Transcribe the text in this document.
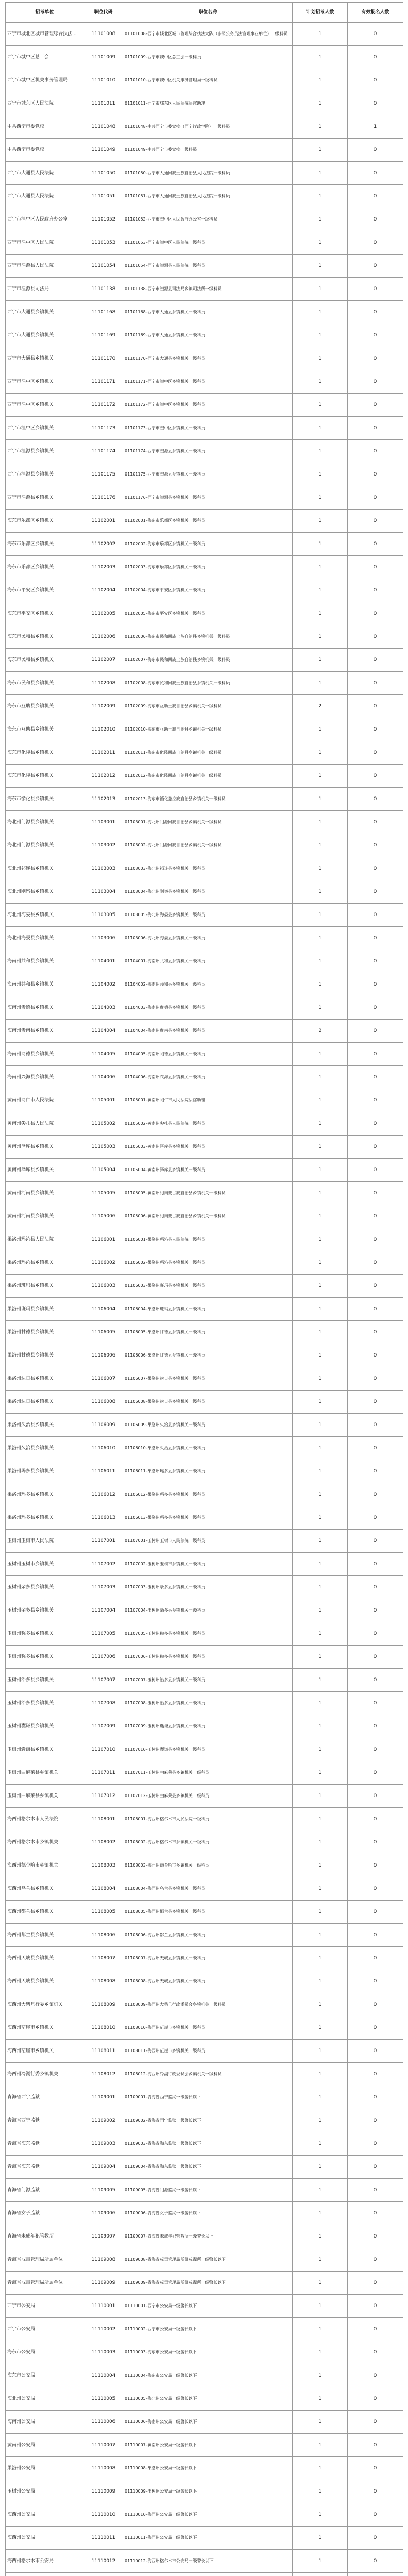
招考单位	职位代码	职位名称	计划招考人数	有效报名人数
西宁市城北区城市管理综合执法...	11101008	01101008-西宁市城北区城市管理综合执法大队（参照公务员法管理事业单位）一级科员	1	0
西宁市城中区总工会	11101009	01101009-西宁市城中区总工会一级科员	1	0
西宁市城中区机关事务管理局	11101010	01101010-西宁市城中区机关事务管理局一级科员	1	0
西宁市城东区人民法院	11101011	01101011-西宁市城东区人民法院法官助理	1	0
中共西宁市委党校	11101048	01101048-中共西宁市委党校（西宁行政学院）一级科员	1	1
中共西宁市委党校	11101049	01101049-中共西宁市委党校一级科员	1	0
西宁市大通县人民法院	11101050	01101050-西宁市大通回族土族自治县人民法院一级科员	1	0
西宁市大通县人民法院	11101051	01101051-西宁市大通回族土族自治县人民法院一级科员	1	0
西宁市湟中区人民政府办公室	11101052	01101052-西宁市湟中区人民政府办公室一级科员	1	0
西宁市湟中区人民法院	11101053	01101053-西宁市湟中区人民法院一级科员	1	0
西宁市湟源县人民法院	11101054	01101054-西宁市湟源县人民法院一级科员	1	0
西宁市湟源县司法局	11101138	01101138-西宁市湟源县司法局乡镇司法所一级科员	1	0
西宁市大通县乡镇机关	11101168	01101168-西宁市大通县乡镇机关一级科员	1	0
西宁市大通县乡镇机关	11101169	01101169-西宁市大通县乡镇机关一级科员	1	0
西宁市大通县乡镇机关	11101170	01101170-西宁市大通县乡镇机关一级科员	1	0
西宁市湟中区乡镇机关	11101171	01101171-西宁市湟中区乡镇机关一级科员	1	0
西宁市湟中区乡镇机关	11101172	01101172-西宁市湟中区乡镇机关一级科员	1	0
西宁市湟中区乡镇机关	11101173	01101173-西宁市湟中区乡镇机关一级科员	1	0
西宁市湟源县乡镇机关	11101174	01101174-西宁市湟源县乡镇机关一级科员	1	0
西宁市湟源县乡镇机关	11101175	01101175-西宁市湟源县乡镇机关一级科员	1	0
西宁市湟源县乡镇机关	11101176	01101176-西宁市湟源县乡镇机关一级科员	1	0
海东市乐都区乡镇机关	11102001	01102001-海东市乐都区乡镇机关一级科员	1	0
海东市乐都区乡镇机关	11102002	01102002-海东市乐都区乡镇机关一级科员	1	0
海东市乐都区乡镇机关	11102003	01102003-海东市乐都区乡镇机关一级科员	1	0
海东市平安区乡镇机关	11102004	01102004-海东市平安区乡镇机关一级科员	1	0
海东市平安区乡镇机关	11102005	01102005-海东市平安区乡镇机关一级科员	1	0
海东市民和县乡镇机关	11102006	01102006-海东市民和回族土族自治县乡镇机关一级科员	1	0
海东市民和县乡镇机关	11102007	01102007-海东市民和回族土族自治县乡镇机关一级科员	1	0
海东市民和县乡镇机关	11102008	01102008-海东市民和回族土族自治县乡镇机关一级科员	1	0
海东市互助县乡镇机关	11102009	01102009-海东市互助土族自治县乡镇机关一级科员	2	0
海东市互助县乡镇机关	11102010	01102010-海东市互助土族自治县乡镇机关一级科员	1	0
海东市化隆县乡镇机关	11102011	01102011-海东市化隆回族自治县乡镇机关一级科员	1	0
海东市化隆县乡镇机关	11102012	01102012-海东市化隆回族自治县乡镇机关一级科员	1	0
海东市循化县乡镇机关	11102013	01102013-海东市循化撒拉族自治县乡镇机关一级科员	1	0
海北州门源县乡镇机关	11103001	01103001-海北州门源回族自治县乡镇机关一级科员	1	0
海北州门源县乡镇机关	11103002	01103002-海北州门源回族自治县乡镇机关一级科员	1	0
海北州祁连县乡镇机关	11103003	01103003-海北州祁连县乡镇机关一级科员	1	0
海北州刚察县乡镇机关	11103004	01103004-海北州刚察县乡镇机关一级科员	1	0
海北州海晏县乡镇机关	11103005	01103005-海北州海晏县乡镇机关一级科员	1	0
海北州海晏县乡镇机关	11103006	01103006-海北州海晏县乡镇机关一级科员	1	0
海南州共和县乡镇机关	11104001	01104001-海南州共和县乡镇机关一级科员	1	0
海南州共和县乡镇机关	11104002	01104002-海南州共和县乡镇机关一级科员	1	0
海南州贵德县乡镇机关	11104003	01104003-海南州贵德县乡镇机关一级科员	1	0
海南州贵南县乡镇机关	11104004	01104004-海南州贵南县乡镇机关一级科员	2	0
海南州同德县乡镇机关	11104005	01104005-海南州同德县乡镇机关一级科员	1	0
海南州兴海县乡镇机关	11104006	01104006-海南州兴海县乡镇机关一级科员	1	0
黄南州同仁市人民法院	11105001	01105001-黄南州同仁市人民法院法官助理	1	0
黄南州尖扎县人民法院	11105002	01105002-黄南州尖扎县人民法院一级科员	1	0
黄南州泽库县乡镇机关	11105003	01105003-黄南州泽库县乡镇机关一级科员	1	0
黄南州泽库县乡镇机关	11105004	01105004-黄南州泽库县乡镇机关一级科员	1	0
黄南州河南县乡镇机关	11105005	01105005-黄南州河南蒙古族自治县乡镇机关一级科员	1	0
黄南州河南县乡镇机关	11105006	01105006-黄南州河南蒙古族自治县乡镇机关一级科员	1	0
果洛州玛沁县人民法院	11106001	01106001-果洛州玛沁县人民法院一级科员	1	0
果洛州玛沁县乡镇机关	11106002	01106002-果洛州玛沁县乡镇机关一级科员	1	0
果洛州班玛县乡镇机关	11106003	01106003-果洛州班玛县乡镇机关一级科员	1	0
果洛州班玛县乡镇机关	11106004	01106004-果洛州班玛县乡镇机关一级科员	1	0
果洛州甘德县乡镇机关	11106005	01106005-果洛州甘德县乡镇机关一级科员	1	0
果洛州甘德县乡镇机关	11106006	01106006-果洛州甘德县乡镇机关一级科员	1	0
果洛州达日县乡镇机关	11106007	01106007-果洛州达日县乡镇机关一级科员	1	0
果洛州达日县乡镇机关	11106008	01106008-果洛州达日县乡镇机关一级科员	1	0
果洛州久治县乡镇机关	11106009	01106009-果洛州久治县乡镇机关一级科员	1	0
果洛州久治县乡镇机关	11106010	01106010-果洛州久治县乡镇机关一级科员	1	0
果洛州玛多县乡镇机关	11106011	01106011-果洛州玛多县乡镇机关一级科员	1	0
果洛州玛多县乡镇机关	11106012	01106012-果洛州玛多县乡镇机关一级科员	1	0
果洛州玛多县乡镇机关	11106013	01106013-果洛州玛多县乡镇机关一级科员	1	0
玉树州玉树市人民法院	11107001	01107001-玉树州玉树市人民法院一级科员	1	0
玉树州玉树市乡镇机关	11107002	01107002-玉树州玉树市乡镇机关一级科员	1	0
玉树州杂多县乡镇机关	11107003	01107003-玉树州杂多县乡镇机关一级科员	1	0
玉树州杂多县乡镇机关	11107004	01107004-玉树州杂多县乡镇机关一级科员	1	0
玉树州称多县乡镇机关	11107005	01107005-玉树州称多县乡镇机关一级科员	1	0
玉树州称多县乡镇机关	11107006	01107006-玉树州称多县乡镇机关一级科员	1	0
玉树州治多县乡镇机关	11107007	01107007-玉树州治多县乡镇机关一级科员	1	0
玉树州治多县乡镇机关	11107008	01107008-玉树州治多县乡镇机关一级科员	1	0
玉树州囊谦县乡镇机关	11107009	01107009-玉树州囊谦县乡镇机关一级科员	1	0
玉树州囊谦县乡镇机关	11107010	01107010-玉树州囊谦县乡镇机关一级科员	1	0
玉树州曲麻莱县乡镇机关	11107011	01107011-玉树州曲麻莱县乡镇机关一级科员	1	0
玉树州曲麻莱县乡镇机关	11107012	01107012-玉树州曲麻莱县乡镇机关一级科员	1	0
海西州格尔木市人民法院	11108001	01108001-海西州格尔木市人民法院一级科员	1	0
海西州格尔木市乡镇机关	11108002	01108002-海西州格尔木市乡镇机关一级科员	1	0
海西州德令哈市乡镇机关	11108003	01108003-海西州德令哈市乡镇机关一级科员	1	0
海西州乌兰县乡镇机关	11108004	01108004-海西州乌兰县乡镇机关一级科员	1	0
海西州都兰县乡镇机关	11108005	01108005-海西州都兰县乡镇机关一级科员	1	0
海西州都兰县乡镇机关	11108006	01108006-海西州都兰县乡镇机关一级科员	1	0
海西州天峻县乡镇机关	11108007	01108007-海西州天峻县乡镇机关一级科员	1	0
海西州天峻县乡镇机关	11108008	01108008-海西州天峻县乡镇机关一级科员	1	0
海西州大柴旦行委乡镇机关	11108009	01108009-海西州大柴旦行政委员会乡镇机关一级科员	1	0
海西州茫崖市乡镇机关	11108010	01108010-海西州茫崖市乡镇机关一级科员	1	0
海西州茫崖市乡镇机关	11108011	01108011-海西州茫崖市乡镇机关一级科员	1	0
海西州冷湖行委乡镇机关	11108012	01108012-海西州冷湖行政委员会乡镇机关一级科员	1	0
青海省西宁监狱	11109001	01109001-青海省西宁监狱一级警长以下	1	0
青海省西宁监狱	11109002	01109002-青海省西宁监狱一级警长以下	1	0
青海省海东监狱	11109003	01109003-青海省海东监狱一级警长以下	1	0
青海省海东监狱	11109004	01109004-青海省海东监狱一级警长以下	1	0
青海省门源监狱	11109005	01109005-青海省门源监狱一级警长以下	1	0
青海省女子监狱	11109006	01109006-青海省女子监狱一级警长以下	1	0
青海省未成年犯管教所	11109007	01109007-青海省未成年犯管教所一级警长以下	1	0
青海省戒毒管理局所属单位	11109008	01109008-青海省戒毒管理局所属戒毒所一级警长以下	1	0
青海省戒毒管理局所属单位	11109009	01109009-青海省戒毒管理局所属戒毒所一级警长以下	1	0
西宁市公安局	11110001	01110001-西宁市公安局一级警长以下	1	0
西宁市公安局	11110002	01110002-西宁市公安局一级警长以下	1	0
海东市公安局	11110003	01110003-海东市公安局一级警长以下	1	0
海东市公安局	11110004	01110004-海东市公安局一级警长以下	1	0
海北州公安局	11110005	01110005-海北州公安局一级警长以下	1	0
海南州公安局	11110006	01110006-海南州公安局一级警长以下	1	0
黄南州公安局	11110007	01110007-黄南州公安局一级警长以下	1	0
果洛州公安局	11110008	01110008-果洛州公安局一级警长以下	1	0
玉树州公安局	11110009	01110009-玉树州公安局一级警长以下	1	0
海西州公安局	11110010	01110010-海西州公安局一级警长以下	1	0
海西州公安局	11110011	01110011-海西州公安局一级警长以下	1	0
海西州格尔木市公安局	11110012	01110012-海西州格尔木市公安局一级警长以下	1	0
